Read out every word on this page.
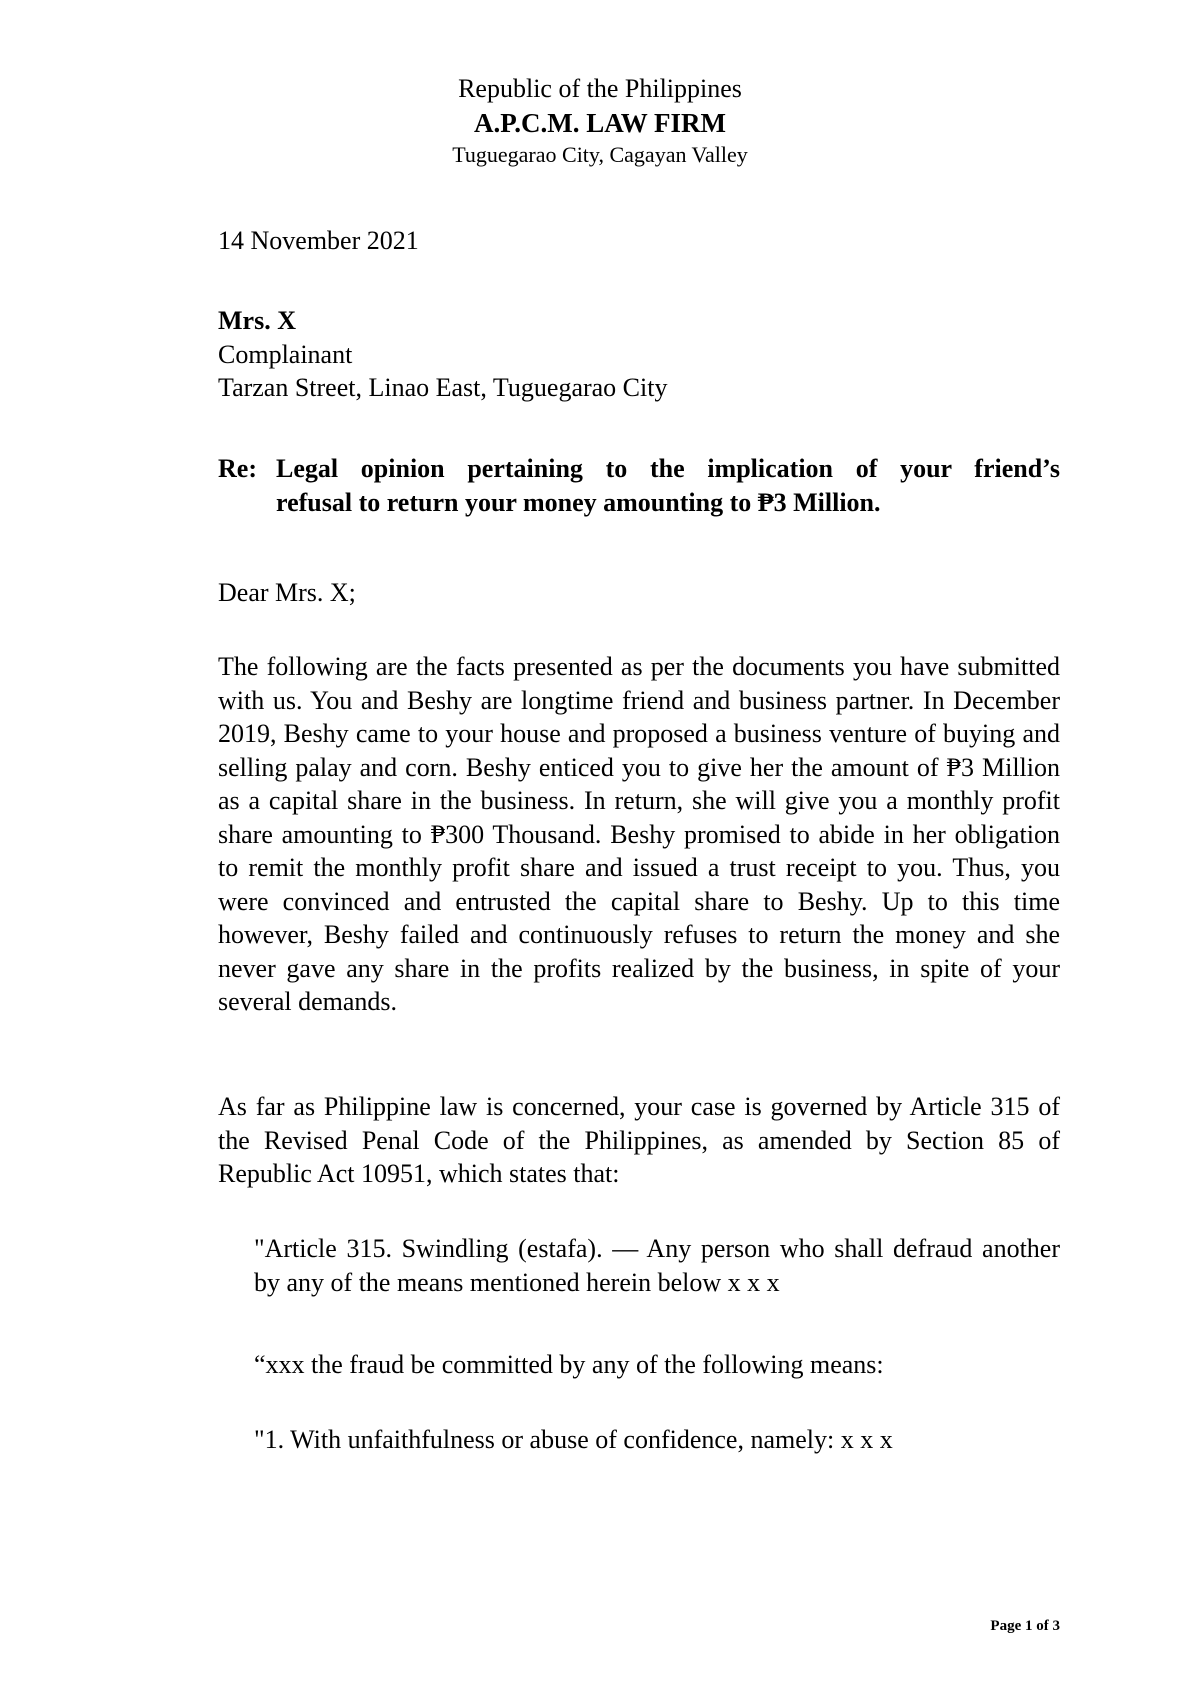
Republic of the Philippines
A.P.C.M. LAW FIRM
Tuguegarao City, Cagayan Valley
14 November 2021
Mrs. X
Complainant
Tarzan Street, Linao East, Tuguegarao City
Re: Legal opinion pertaining to the implication of your friend’s
refusal to return your money amounting to ₱3 Million.
Dear Mrs. X;
The following are the facts presented as per the documents you have submitted with us. You and Beshy are longtime friend and business partner. In December 2019, Beshy came to your house and proposed a business venture of buying and selling palay and corn. Beshy enticed you to give her the amount of ₱3 Million as a capital share in the business. In return, she will give you a monthly profit share amounting to ₱300 Thousand. Beshy promised to abide in her obligation to remit the monthly profit share and issued a trust receipt to you. Thus, you were convinced and entrusted the capital share to Beshy. Up to this time however, Beshy failed and continuously refuses to return the money and she never gave any share in the profits realized by the business, in spite of your several demands.
As far as Philippine law is concerned, your case is governed by Article 315 of the Revised Penal Code of the Philippines, as amended by Section 85 of Republic Act 10951, which states that:
"Article 315. Swindling (estafa). — Any person who shall defraud another by any of the means mentioned herein below x x x
“xxx the fraud be committed by any of the following means:
"1. With unfaithfulness or abuse of confidence, namely: x x x
Page 1 of 3
